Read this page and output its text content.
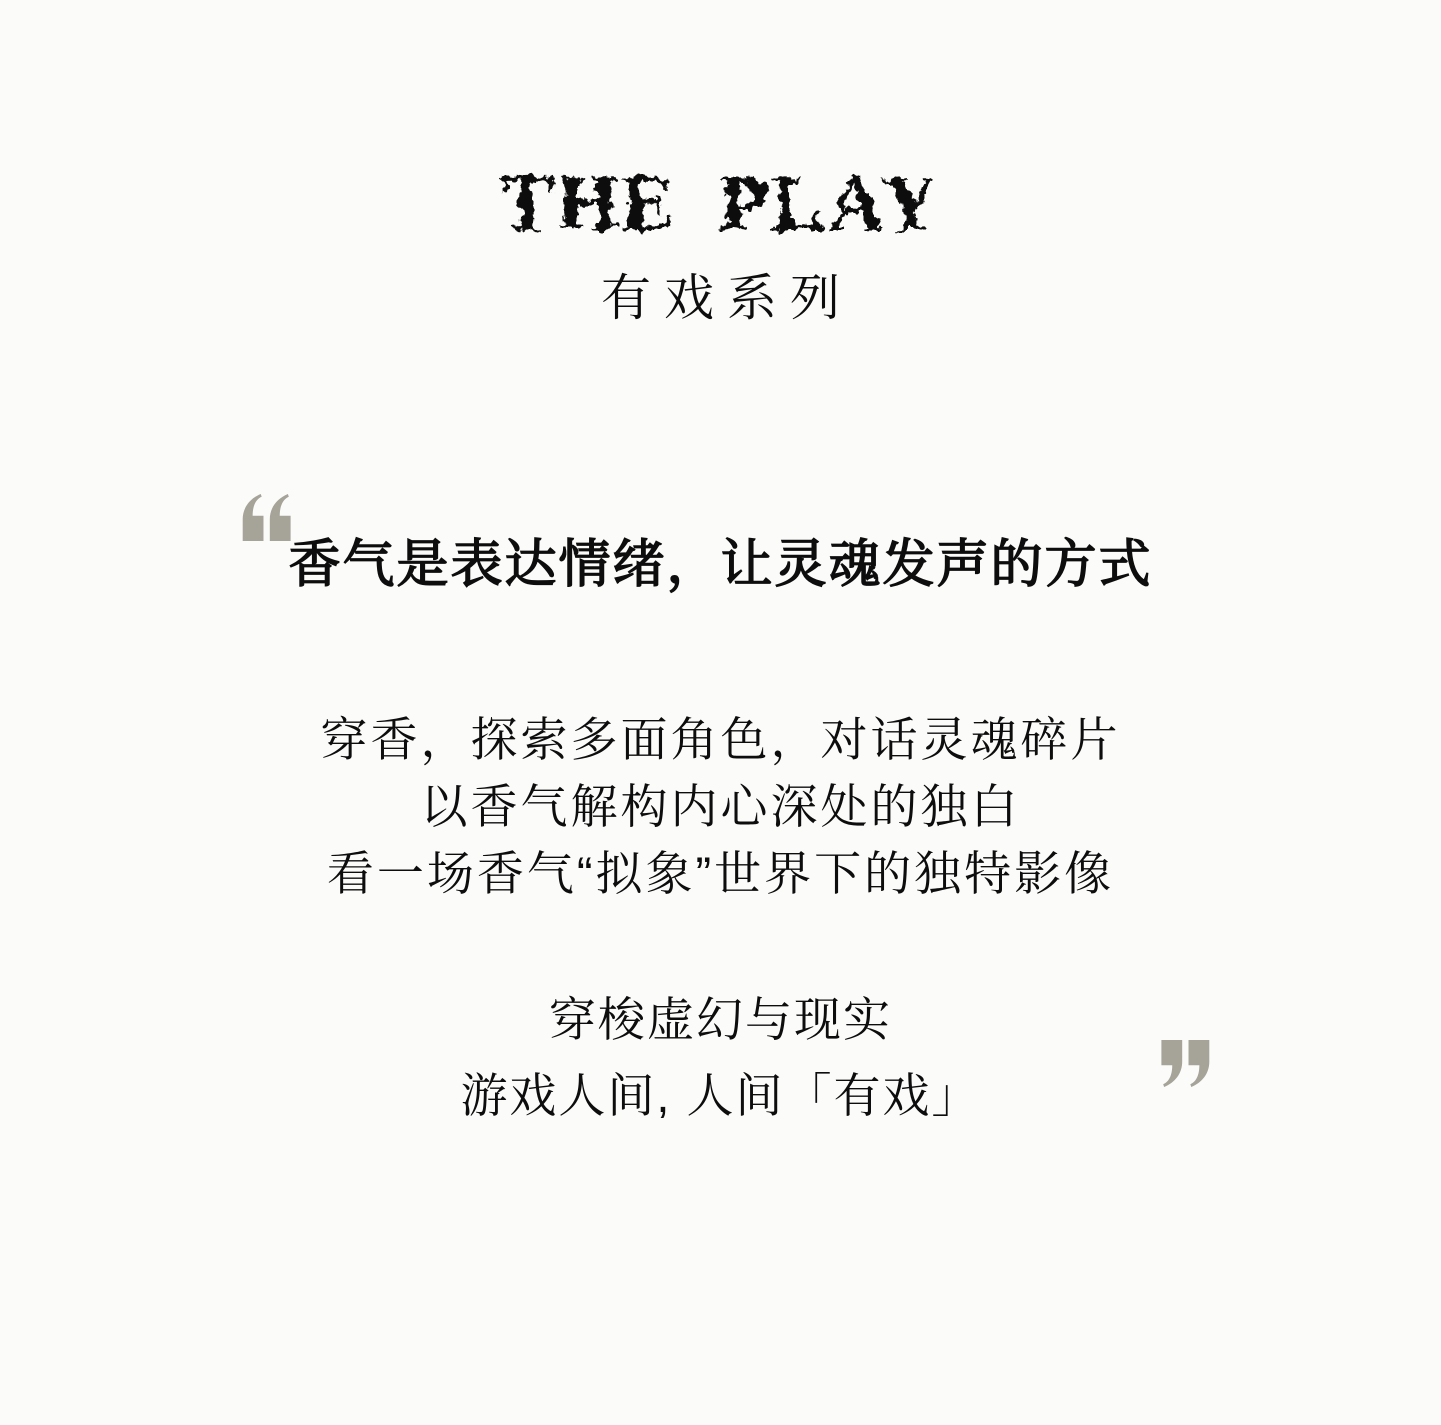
THE PLAY
有戏系列
香气是表达情绪，让灵魂发声的方式

穿香，探索多面角色，对话灵魂碎片

以香气解构内心深处的独白

看一场香气“拟象”世界下的独特影像

穿梭虚幻与现实

游戏人间, 人间「有戏」
